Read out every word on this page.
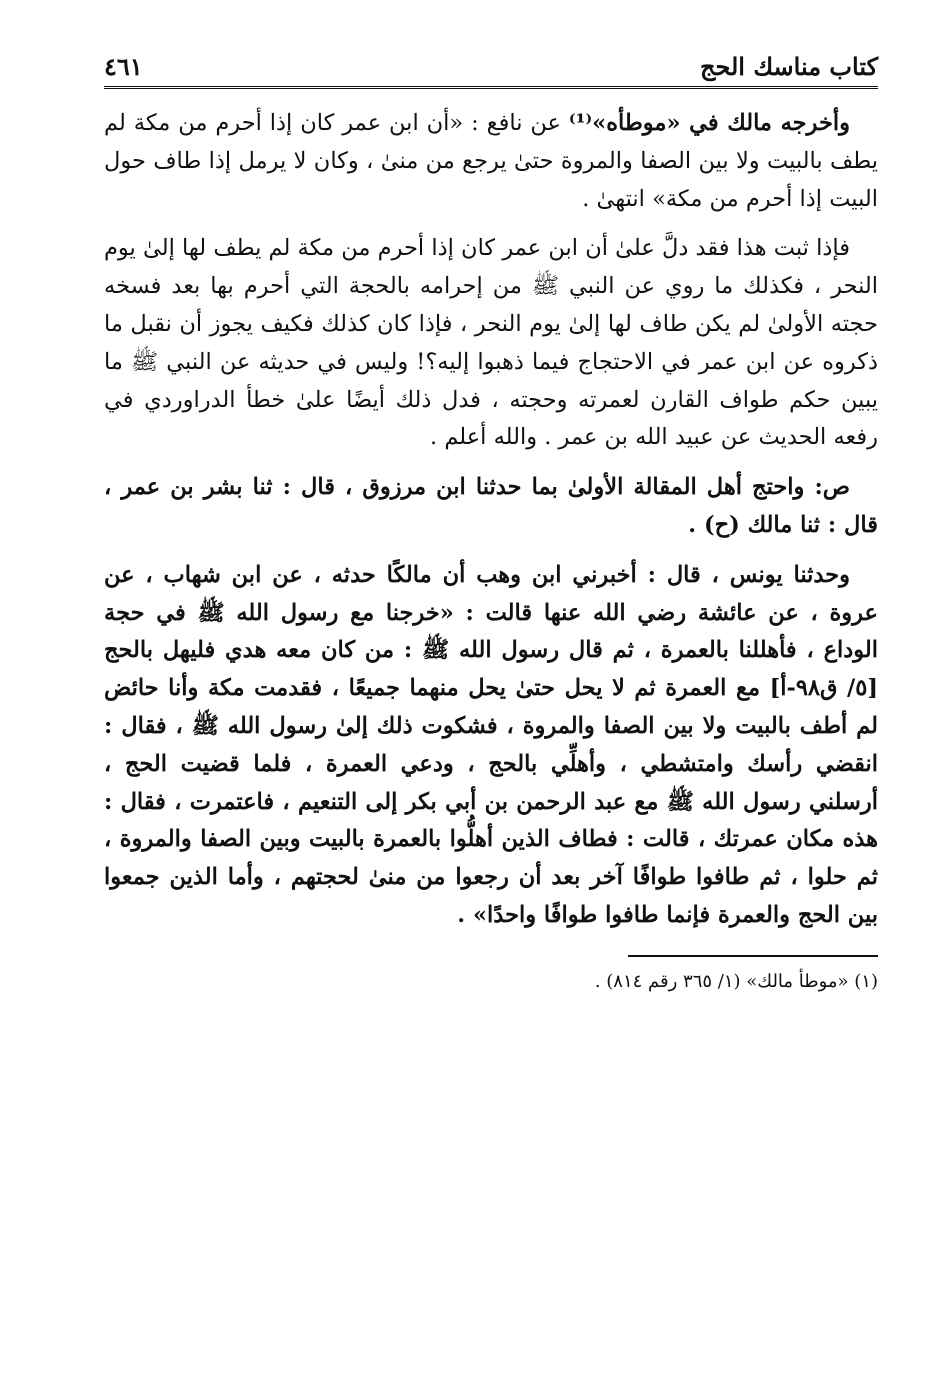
كتاب مناسك الحج
٤٦١

وأخرجه مالك في «موطأه»⁽¹⁾ عن نافع : «أن ابن عمر كان إذا أحرم من مكة لم يطف بالبيت ولا بين الصفا والمروة حتىٰ يرجع من منىٰ ، وكان لا يرمل إذا طاف حول البيت إذا أحرم من مكة» انتهىٰ .

فإذا ثبت هذا فقد دلَّ علىٰ أن ابن عمر كان إذا أحرم من مكة لم يطف لها إلىٰ يوم النحر ، فكذلك ما روي عن النبي ﷺ من إحرامه بالحجة التي أحرم بها بعد فسخه حجته الأولىٰ لم يكن طاف لها إلىٰ يوم النحر ، فإذا كان كذلك فكيف يجوز أن نقبل ما ذكروه عن ابن عمر في الاحتجاج فيما ذهبوا إليه؟! وليس في حديثه عن النبي ﷺ ما يبين حكم طواف القارن لعمرته وحجته ، فدل ذلك أيضًا علىٰ خطأ الدراوردي في رفعه الحديث عن عبيد الله بن عمر . والله أعلم .

ص: واحتج أهل المقالة الأولىٰ بما حدثنا ابن مرزوق ، قال : ثنا بشر بن عمر ، قال : ثنا مالك (ح) .

وحدثنا يونس ، قال : أخبرني ابن وهب أن مالكًا حدثه ، عن ابن شهاب ، عن عروة ، عن عائشة رضي الله عنها قالت : «خرجنا مع رسول الله ﷺ في حجة الوداع ، فأهللنا بالعمرة ، ثم قال رسول الله ﷺ : من كان معه هدي فليهل بالحج [٥/ ق٩٨-أ] مع العمرة ثم لا يحل حتىٰ يحل منهما جميعًا ، فقدمت مكة وأنا حائض لم أطف بالبيت ولا بين الصفا والمروة ، فشكوت ذلك إلىٰ رسول الله ﷺ ، فقال : انقضي رأسك وامتشطي ، وأهلِّي بالحج ، ودعي العمرة ، فلما قضيت الحج ، أرسلني رسول الله ﷺ مع عبد الرحمن بن أبي بكر إلى التنعيم ، فاعتمرت ، فقال : هذه مكان عمرتك ، قالت : فطاف الذين أهلُّوا بالعمرة بالبيت وبين الصفا والمروة ، ثم حلوا ، ثم طافوا طوافًا آخر بعد أن رجعوا من منىٰ لحجتهم ، وأما الذين جمعوا بين الحج والعمرة فإنما طافوا طوافًا واحدًا» .

(١) «موطأ مالك» (١/ ٣٦٥ رقم ٨١٤) .
